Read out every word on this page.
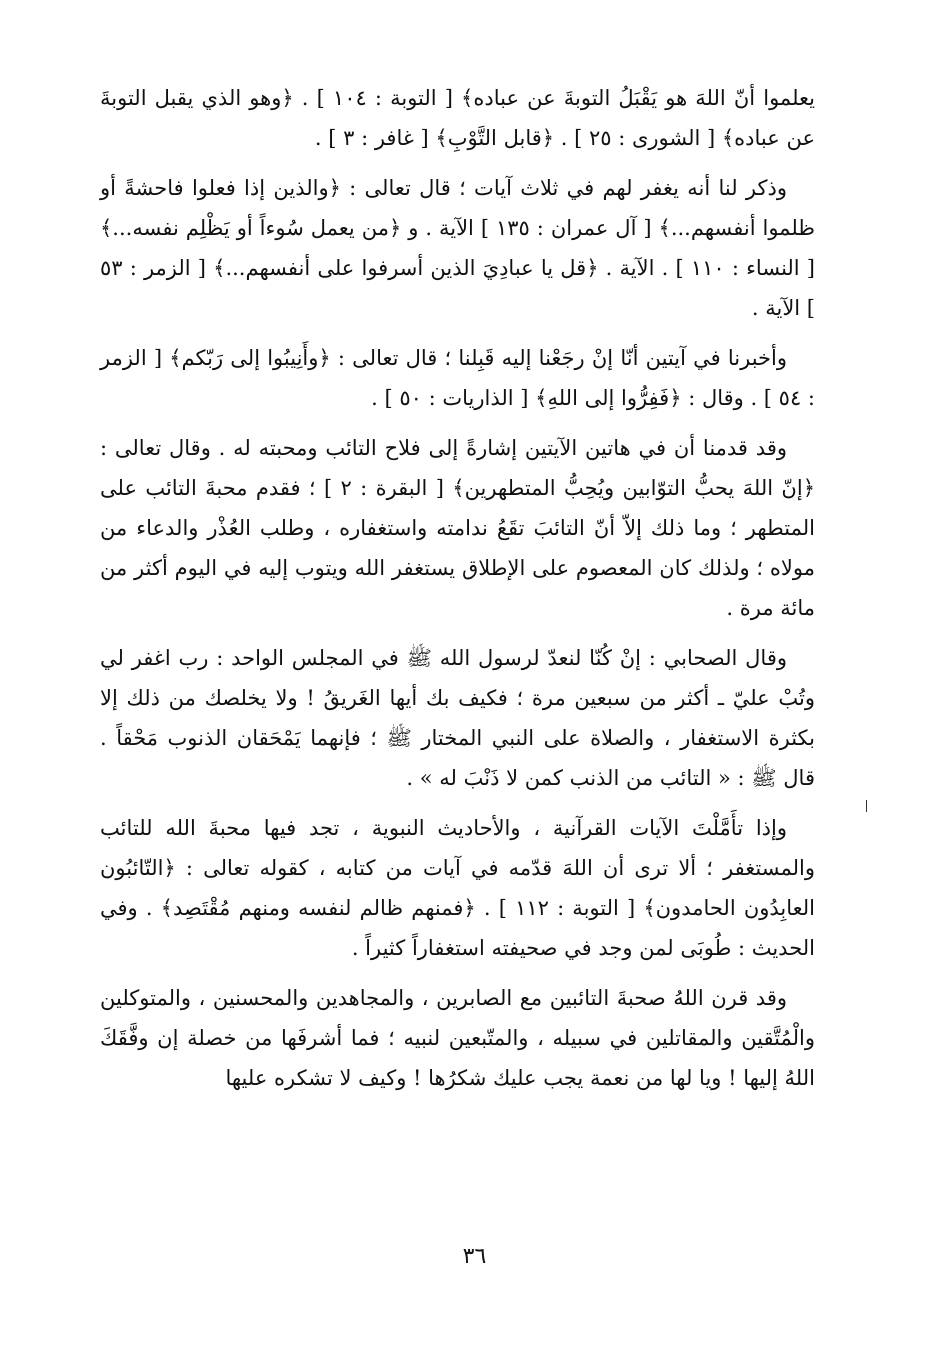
يعلموا أنّ اللهَ هو يَقْبَلُ التوبةَ عن عباده﴾ [ التوبة : ١٠٤ ] . ﴿وهو الذي يقبل التوبةَ عن عباده﴾ [ الشورى : ٢٥ ] . ﴿قابل التَّوْبِ﴾ [ غافر : ٣ ] .

وذكر لنا أنه يغفر لهم في ثلاث آيات ؛ قال تعالى : ﴿والذين إذا فعلوا فاحشةً أو ظلموا أنفسهم...﴾ [ آل عمران : ١٣٥ ] الآية . و ﴿من يعمل سُوءاً أو يَظْلِم نفسه...﴾ [ النساء : ١١٠ ] . الآية . ﴿قل يا عبادِيَ الذين أسرفوا على أنفسهم...﴾ [ الزمر : ٥٣ ] الآية .

وأخبرنا في آيتين أنّا إنْ رجَعْنا إليه قَبِلنا ؛ قال تعالى : ﴿وأَنِيبُوا إلى رَبّكم﴾ [ الزمر : ٥٤ ] . وقال : ﴿فَفِرُّوا إلى اللهِ﴾ [ الذاريات : ٥٠ ] .

وقد قدمنا أن في هاتين الآيتين إشارةً إلى فلاح التائب ومحبته له . وقال تعالى : ﴿إنّ اللهَ يحبُّ التوّابين ويُحِبُّ المتطهرين﴾ [ البقرة : ٢ ] ؛ فقدم محبةَ التائب على المتطهر ؛ وما ذلك إلاّ أنّ التائبَ تقَعُ ندامته واستغفاره ، وطلب العُذْر والدعاء من مولاه ؛ ولذلك كان المعصوم على الإطلاق يستغفر الله ويتوب إليه في اليوم أكثر من مائة مرة .

وقال الصحابي : إنْ كُنّا لنعدّ لرسول الله ﷺ في المجلس الواحد : رب اغفر لي وتُبْ عليّ ـ أكثر من سبعين مرة ؛ فكيف بك أيها الغَريقُ ! ولا يخلصك من ذلك إلا بكثرة الاستغفار ، والصلاة على النبي المختار ﷺ ؛ فإنهما يَمْحَقان الذنوب مَحْقاً . قال ﷺ : « التائب من الذنب كمن لا ذَنْبَ له » .

وإذا تأَمَّلْتَ الآيات القرآنية ، والأحاديث النبوية ، تجد فيها محبةَ الله للتائب والمستغفر ؛ ألا ترى أن اللهَ قدّمه في آيات من كتابه ، كقوله تعالى : ﴿التّائبُون العابِدُون الحامدون﴾ [ التوبة : ١١٢ ] . ﴿فمنهم ظالم لنفسه ومنهم مُقْتَصِد﴾ . وفي الحديث : طُوبَى لمن وجد في صحيفته استغفاراً كثيراً .

وقد قرن اللهُ صحبةَ التائبين مع الصابرين ، والمجاهدين والمحسنين ، والمتوكلين والْمُتَّقين والمقاتلين في سبيله ، والمتّبعين لنبيه ؛ فما أشرفَها من خصلة إن وفَّقَكَ اللهُ إليها ! ويا لها من نعمة يجب عليك شكرُها ! وكيف لا تشكره عليها

٣٦
